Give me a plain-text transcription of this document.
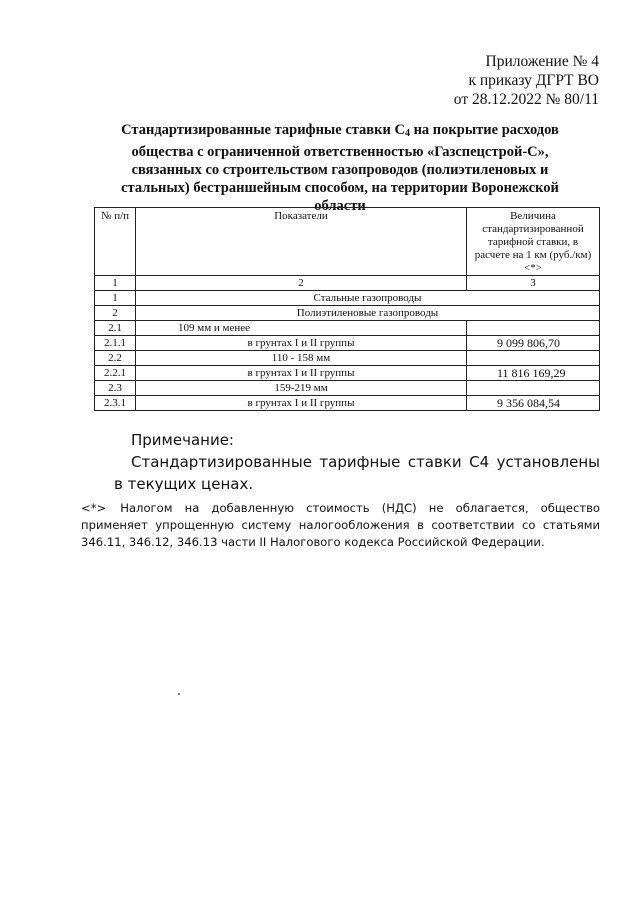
Приложение № 4
к приказу ДГРТ ВО
от 28.12.2022 № 80/11
Стандартизированные тарифные ставки $С_4$ на покрытие расходов общества с ограниченной ответственностью «Газспецстрой-С», связанных со строительством газопроводов (полиэтиленовых и стальных) бестраншейным способом, на территории Воронежской области
№ п/п	Показатели	Величина стандартизированной тарифной ставки, в расчете на 1 км (руб./км) <*>
1	2	3
1	Стальные газопроводы	
2	Полиэтиленовые газопроводы	
2.1	109 мм и менее	
2.1.1	в грунтах I и II группы	9 099 806,70
2.2	110 - 158 мм	
2.2.1	в грунтах I и II группы	11 816 169,29
2.3	159-219 мм	
2.3.1	в грунтах I и II группы	9 356 084,54
Примечание:
Стандартизированные тарифные ставки С4 установлены в текущих ценах.
<*> Налогом на добавленную стоимость (НДС) не облагается, общество применяет упрощенную систему налогообложения в соответствии со статьями 346.11, 346.12, 346.13 части II Налогового кодекса Российской Федерации.
